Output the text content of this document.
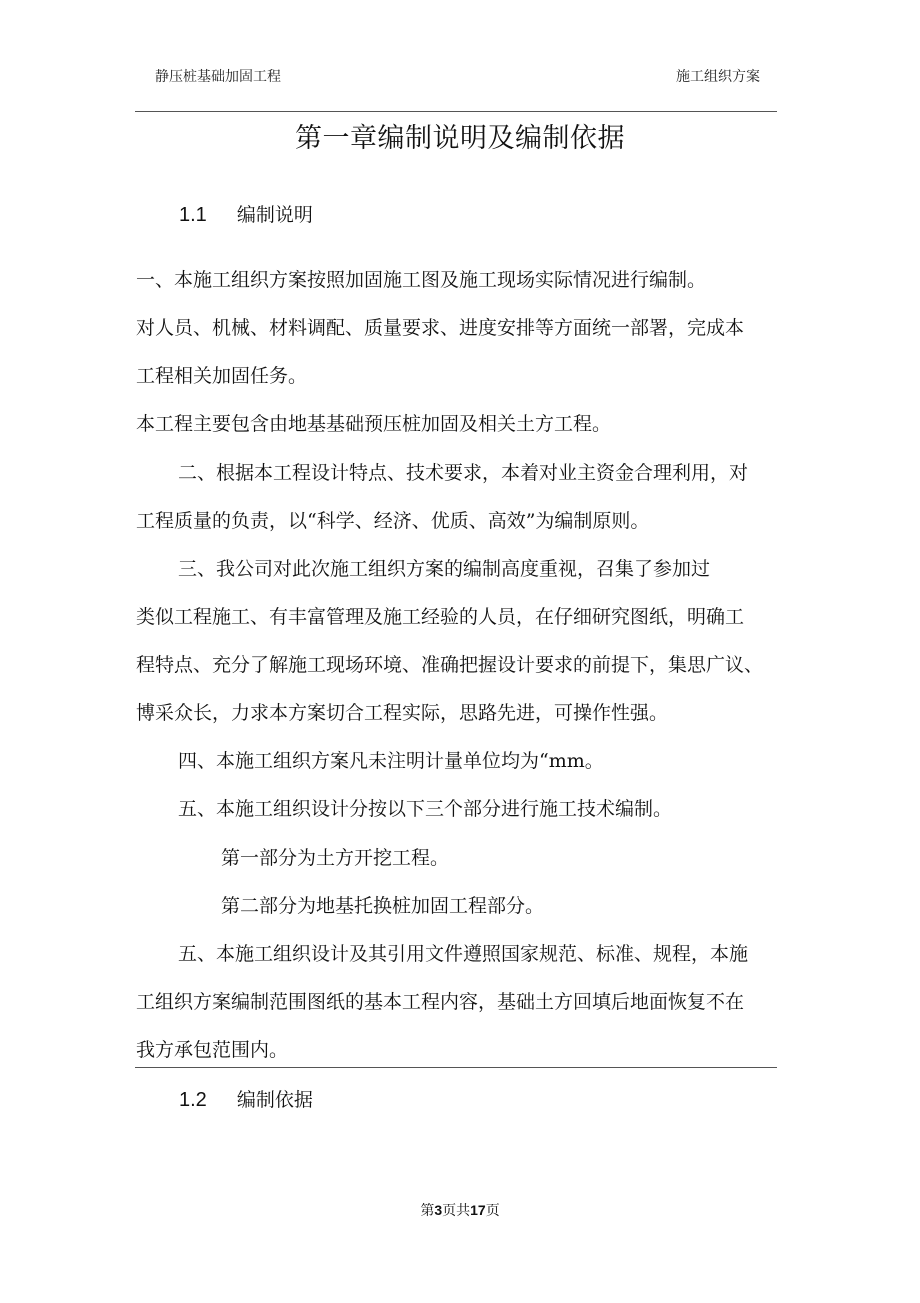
静压桩基础加固工程	施工组织方案
第一章编制说明及编制依据
1.1 编制说明
一、本施工组织方案按照加固施工图及施工现场实际情况进行编制。
对人员、机械、材料调配、质量要求、进度安排等方面统一部署，完成本
工程相关加固任务。
本工程主要包含由地基基础预压桩加固及相关土方工程。
二、根据本工程设计特点、技术要求，本着对业主资金合理利用，对
工程质量的负责，以“科学、经济、优质、高效”为编制原则。
三、我公司对此次施工组织方案的编制高度重视，召集了参加过
类似工程施工、有丰富管理及施工经验的人员，在仔细研究图纸，明确工
程特点、充分了解施工现场环境、准确把握设计要求的前提下，集思广议、
博采众长，力求本方案切合工程实际，思路先进，可操作性强。
四、本施工组织方案凡未注明计量单位均为“mm。
五、本施工组织设计分按以下三个部分进行施工技术编制。
第一部分为土方开挖工程。
第二部分为地基托换桩加固工程部分。
五、本施工组织设计及其引用文件遵照国家规范、标准、规程，本施
工组织方案编制范围图纸的基本工程内容，基础土方回填后地面恢复不在
我方承包范围内。
1.2 编制依据
第3页共17页
